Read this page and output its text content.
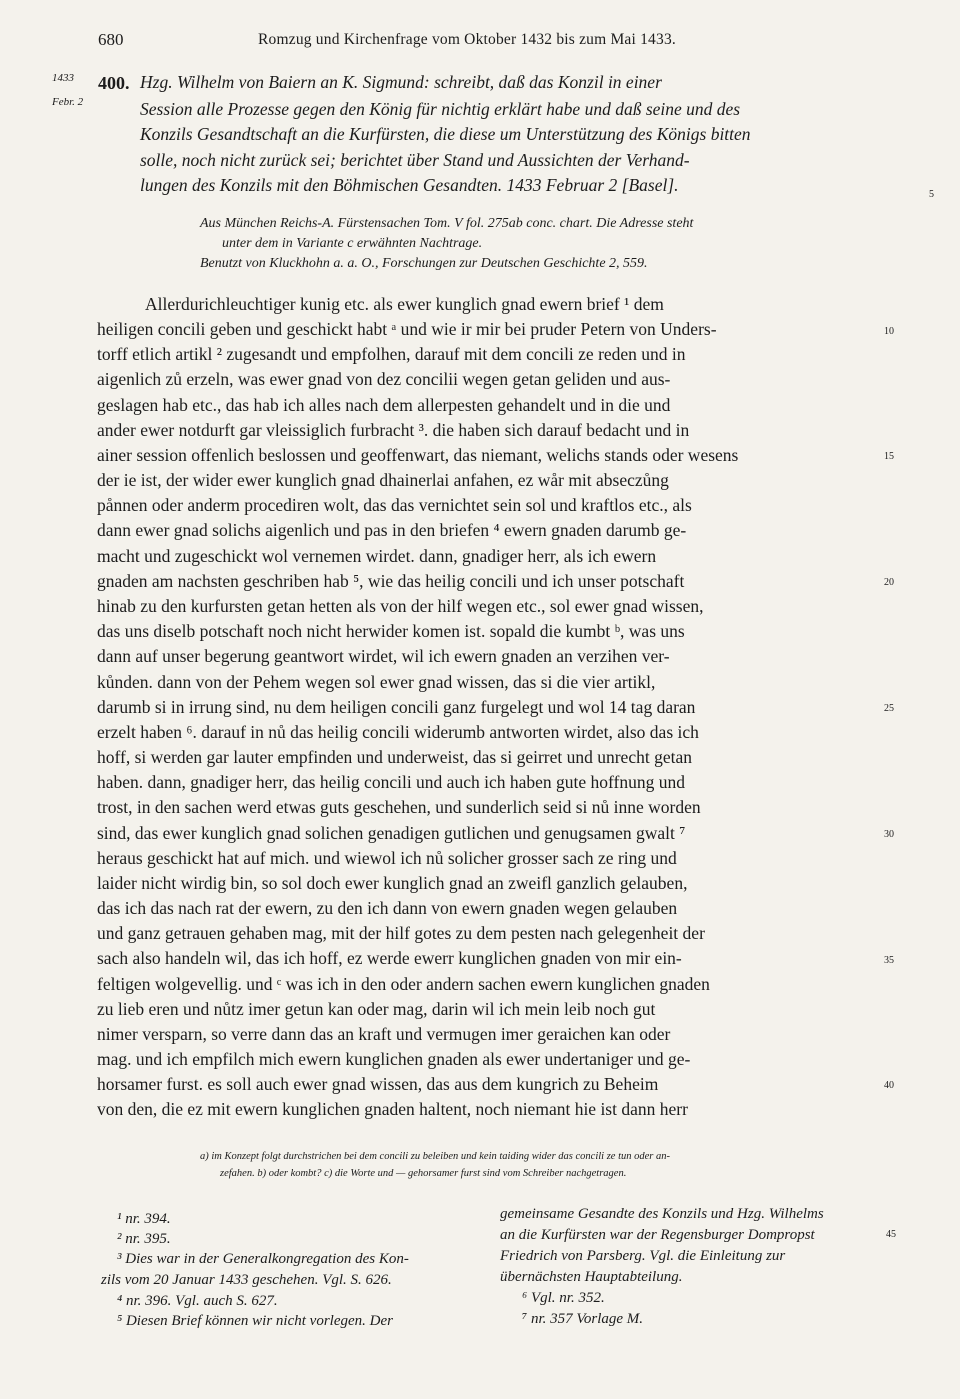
680	Romzug und Kirchenfrage vom Oktober 1432 bis zum Mai 1433.
1433
Febr. 2
400. Hzg. Wilhelm von Baiern an K. Sigmund: schreibt, daß das Konzil in einer
Session alle Prozesse gegen den König für nichtig erklärt habe und daß seine und des
Konzils Gesandtschaft an die Kurfürsten, die diese um Unterstützung des Königs bitten
solle, noch nicht zurück sei; berichtet über Stand und Aussichten der Verhand-
lungen des Konzils mit den Böhmischen Gesandten. 1433 Februar 2 [Basel].	5
Aus München Reichs-A. Fürstensachen Tom. V fol. 275ab conc. chart. Die Adresse steht
unter dem in Variante c erwähnten Nachtrage.
Benutzt von Kluckhohn a. a. O., Forschungen zur Deutschen Geschichte 2, 559.
Allerdurichleuchtiger kunig etc. als ewer kunglich gnad ewern brief ¹ dem
heiligen concili geben und geschickt habt ᵃ und wie ir mir bei pruder Petern von Unders-
torff etlich artikl ² zugesandt und empfolhen, darauf mit dem concili ze reden und in
aigenlich zů erzeln, was ewer gnad von dez concilii wegen getan geliden und aus-
geslagen hab etc., das hab ich alles nach dem allerpesten gehandelt und in die und
ander ewer notdurft gar vleissiglich furbracht ³. die haben sich darauf bedacht und in
ainer session offenlich beslossen und geoffenwart, das niemant, welichs stands oder wesens
der ie ist, der wider ewer kunglich gnad dhainerlai anfahen, ez wår mit abseczůng
pånnen oder anderm procediren wolt, das das vernichtet sein sol und kraftlos etc., als
dann ewer gnad solichs aigenlich und pas in den briefen ⁴ ewern gnaden darumb ge-
macht und zugeschickt wol vernemen wirdet. dann, gnadiger herr, als ich ewern
gnaden am nachsten geschriben hab ⁵, wie das heilig concili und ich unser potschaft
hinab zu den kurfursten getan hetten als von der hilf wegen etc., sol ewer gnad wissen,
das uns diselb potschaft noch nicht herwider komen ist. sopald die kumbt ᵇ, was uns
dann auf unser begerung geantwort wirdet, wil ich ewern gnaden an verzihen ver-
kůnden. dann von der Pehem wegen sol ewer gnad wissen, das si die vier artikl,
darumb si in irrung sind, nu dem heiligen concili ganz furgelegt und wol 14 tag daran
erzelt haben ⁶. darauf in nů das heilig concili widerumb antworten wirdet, also das ich
hoff, si werden gar lauter empfinden und underweist, das si geirret und unrecht getan
haben. dann, gnadiger herr, das heilig concili und auch ich haben gute hoffnung und
trost, in den sachen werd etwas guts geschehen, und sunderlich seid si nů inne worden
sind, das ewer kunglich gnad solichen genadigen gutlichen und genugsamen gwalt ⁷
heraus geschickt hat auf mich. und wiewol ich nů solicher grosser sach ze ring und
laider nicht wirdig bin, so sol doch ewer kunglich gnad an zweifl ganzlich gelauben,
das ich das nach rat der ewern, zu den ich dann von ewern gnaden wegen gelauben
und ganz getrauen gehaben mag, mit der hilf gotes zu dem pesten nach gelegenheit der
sach also handeln wil, das ich hoff, ez werde ewerr kunglichen gnaden von mir ein-
feltigen wolgevellig. und ᶜ was ich in den oder andern sachen ewern kunglichen gnaden
zu lieb eren und nůtz imer getun kan oder mag, darin wil ich mein leib noch gut
nimer versparn, so verre dann das an kraft und vermugen imer geraichen kan oder
mag. und ich empfilch mich ewern kunglichen gnaden als ewer undertaniger und ge-
horsamer furst. es soll auch ewer gnad wissen, das aus dem kungrich zu Beheim
von den, die ez mit ewern kunglichen gnaden haltent, noch niemant hie ist dann herr
10
15
20
25
30
35
40
a) im Konzept folgt durchstrichen bei dem concili zu beleiben und kein taiding wider das concili ze tun oder an-
zefahen. b) oder kombt? c) die Worte und — gehorsamer furst sind vom Schreiber nachgetragen.
¹ nr. 394.
² nr. 395.
³ Dies war in der Generalkongregation des Kon-
zils vom 20 Januar 1433 geschehen. Vgl. S. 626.
⁴ nr. 396. Vgl. auch S. 627.
⁵ Diesen Brief können wir nicht vorlegen. Der
gemeinsame Gesandte des Konzils und Hzg. Wilhelms
an die Kurfürsten war der Regensburger Dompropst
Friedrich von Parsberg. Vgl. die Einleitung zur
übernächsten Hauptabteilung.
⁶ Vgl. nr. 352.
⁷ nr. 357 Vorlage M.
45
